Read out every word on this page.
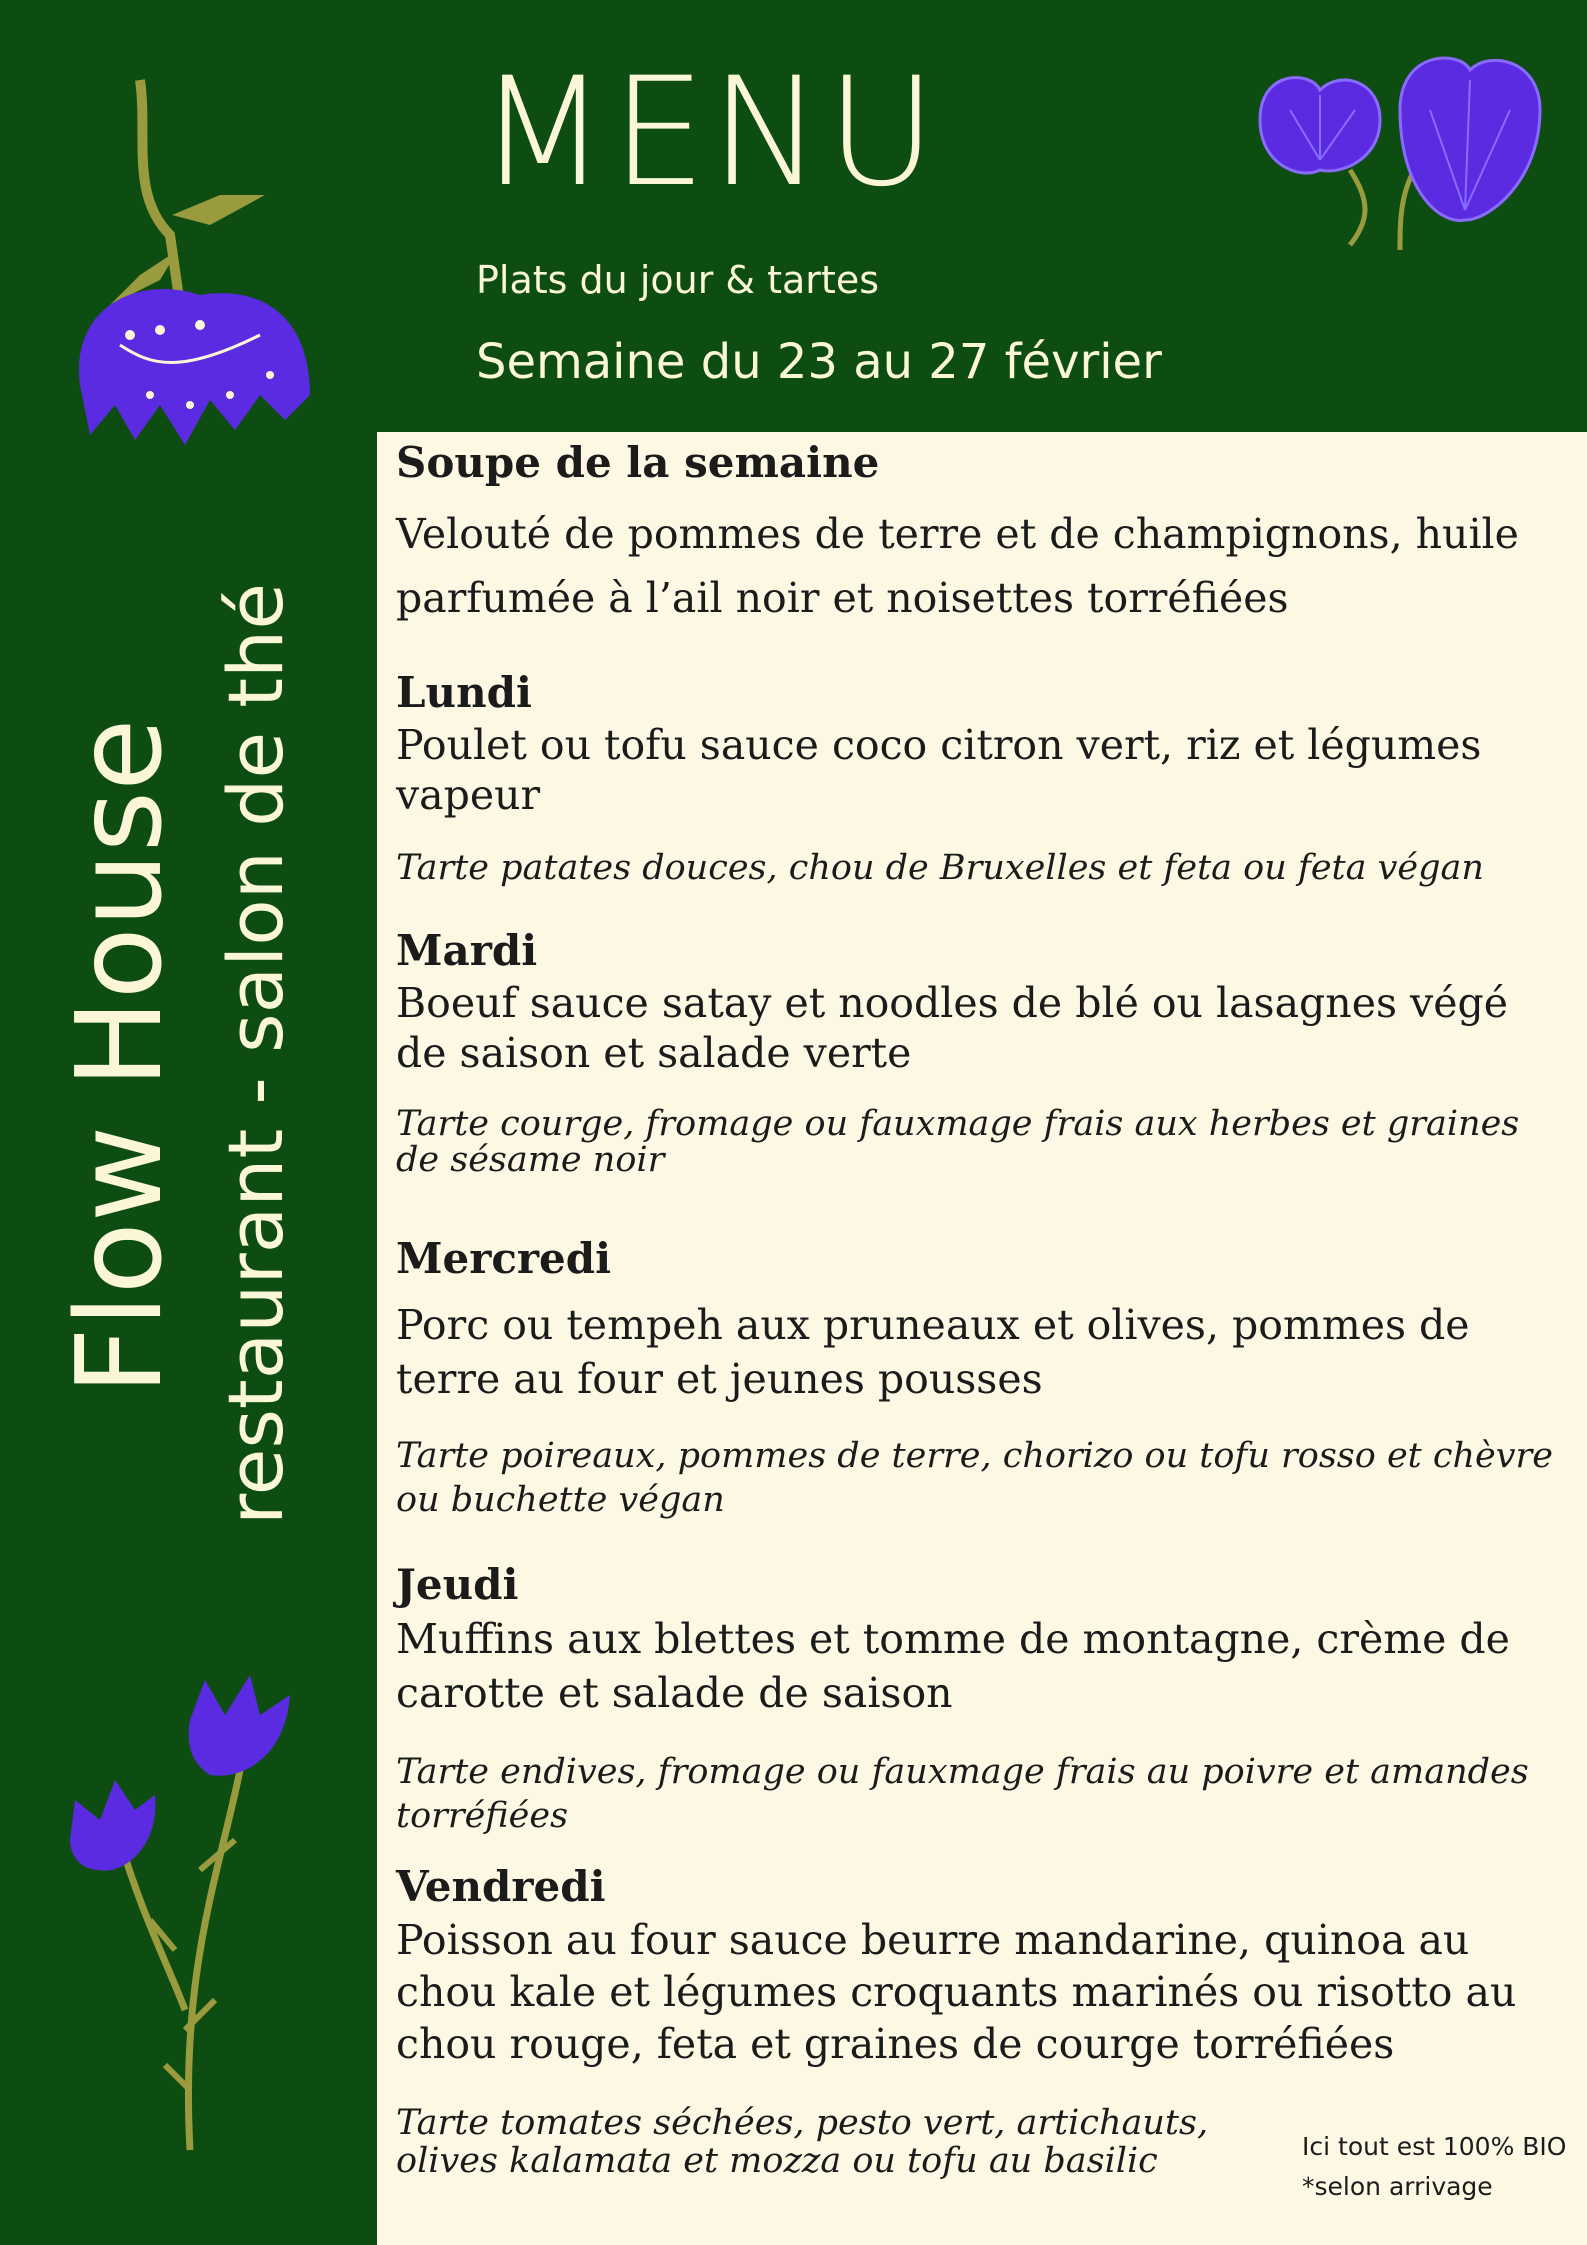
MENU
Plats du jour & tartes
Semaine du 23 au 27 février
Flow House restaurant - salon de thé

Soupe de la semaine

Velouté de pommes de terre et de champignons, huile parfumée à l’ail noir et noisettes torréfiées

Lundi

Poulet ou tofu sauce coco citron vert, riz et légumes vapeur

Tarte patates douces, chou de Bruxelles et feta ou feta végan

Mardi

Boeuf sauce satay et noodles de blé ou lasagnes végé de saison et salade verte

Tarte courge, fromage ou fauxmage frais aux herbes et graines de sésame noir

Mercredi

Porc ou tempeh aux pruneaux et olives, pommes de terre au four et jeunes pousses

Tarte poireaux, pommes de terre, chorizo ou tofu rosso et chèvre ou buchette végan

Jeudi

Muffins aux blettes et tomme de montagne, crème de carotte et salade de saison

Tarte endives, fromage ou fauxmage frais au poivre et amandes torréfiées

Vendredi

Poisson au four sauce beurre mandarine, quinoa au chou kale et légumes croquants marinés ou risotto au chou rouge, feta et graines de courge torréfiées

Tarte tomates séchées, pesto vert, artichauts, olives kalamata et mozza ou tofu au basilic	Ici tout est 100% BIO
*selon arrivage
